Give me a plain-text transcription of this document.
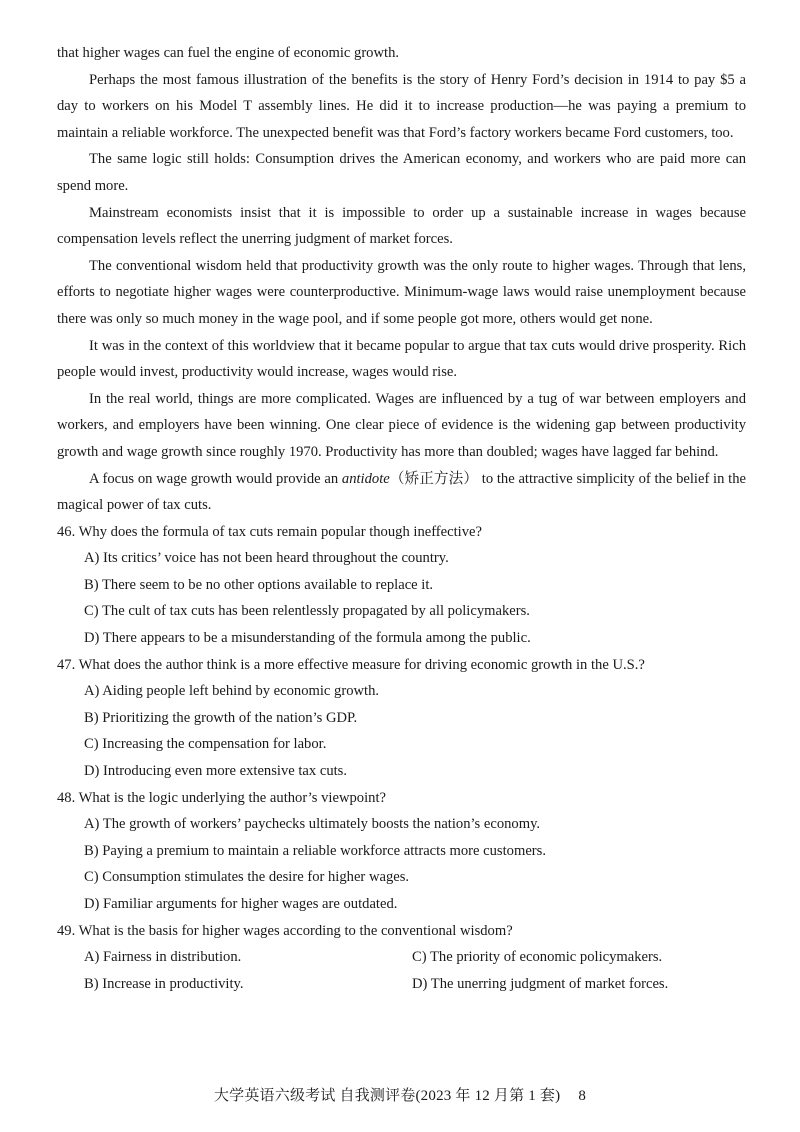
that higher wages can fuel the engine of economic growth.

Perhaps the most famous illustration of the benefits is the story of Henry Ford’s decision in 1914 to pay $5 a day to workers on his Model T assembly lines. He did it to increase production—he was paying a premium to maintain a reliable workforce. The unexpected benefit was that Ford’s factory workers became Ford customers, too.

The same logic still holds: Consumption drives the American economy, and workers who are paid more can spend more.

Mainstream economists insist that it is impossible to order up a sustainable increase in wages because compensation levels reflect the unerring judgment of market forces.

The conventional wisdom held that productivity growth was the only route to higher wages. Through that lens, efforts to negotiate higher wages were counterproductive. Minimum-wage laws would raise unemployment because there was only so much money in the wage pool, and if some people got more, others would get none.

It was in the context of this worldview that it became popular to argue that tax cuts would drive prosperity. Rich people would invest, productivity would increase, wages would rise.

In the real world, things are more complicated. Wages are influenced by a tug of war between employers and workers, and employers have been winning. One clear piece of evidence is the widening gap between productivity growth and wage growth since roughly 1970. Productivity has more than doubled; wages have lagged far behind.

A focus on wage growth would provide an antidote（矫正方法） to the attractive simplicity of the belief in the magical power of tax cuts.

46. Why does the formula of tax cuts remain popular though ineffective?

A) Its critics’ voice has not been heard throughout the country.

B) There seem to be no other options available to replace it.

C) The cult of tax cuts has been relentlessly propagated by all policymakers.

D) There appears to be a misunderstanding of the formula among the public.

47. What does the author think is a more effective measure for driving economic growth in the U.S.?

A) Aiding people left behind by economic growth.

B) Prioritizing the growth of the nation’s GDP.

C) Increasing the compensation for labor.

D) Introducing even more extensive tax cuts.

48. What is the logic underlying the author’s viewpoint?

A) The growth of workers’ paychecks ultimately boosts the nation’s economy.

B) Paying a premium to maintain a reliable workforce attracts more customers.

C) Consumption stimulates the desire for higher wages.

D) Familiar arguments for higher wages are outdated.

49. What is the basis for higher wages according to the conventional wisdom?

A) Fairness in distribution.	C) The priority of economic policymakers.
B) Increase in productivity.	D) The unerring judgment of market forces.
大学英语六级考试 自我测评卷(2023 年 12 月第 1 套) 8
